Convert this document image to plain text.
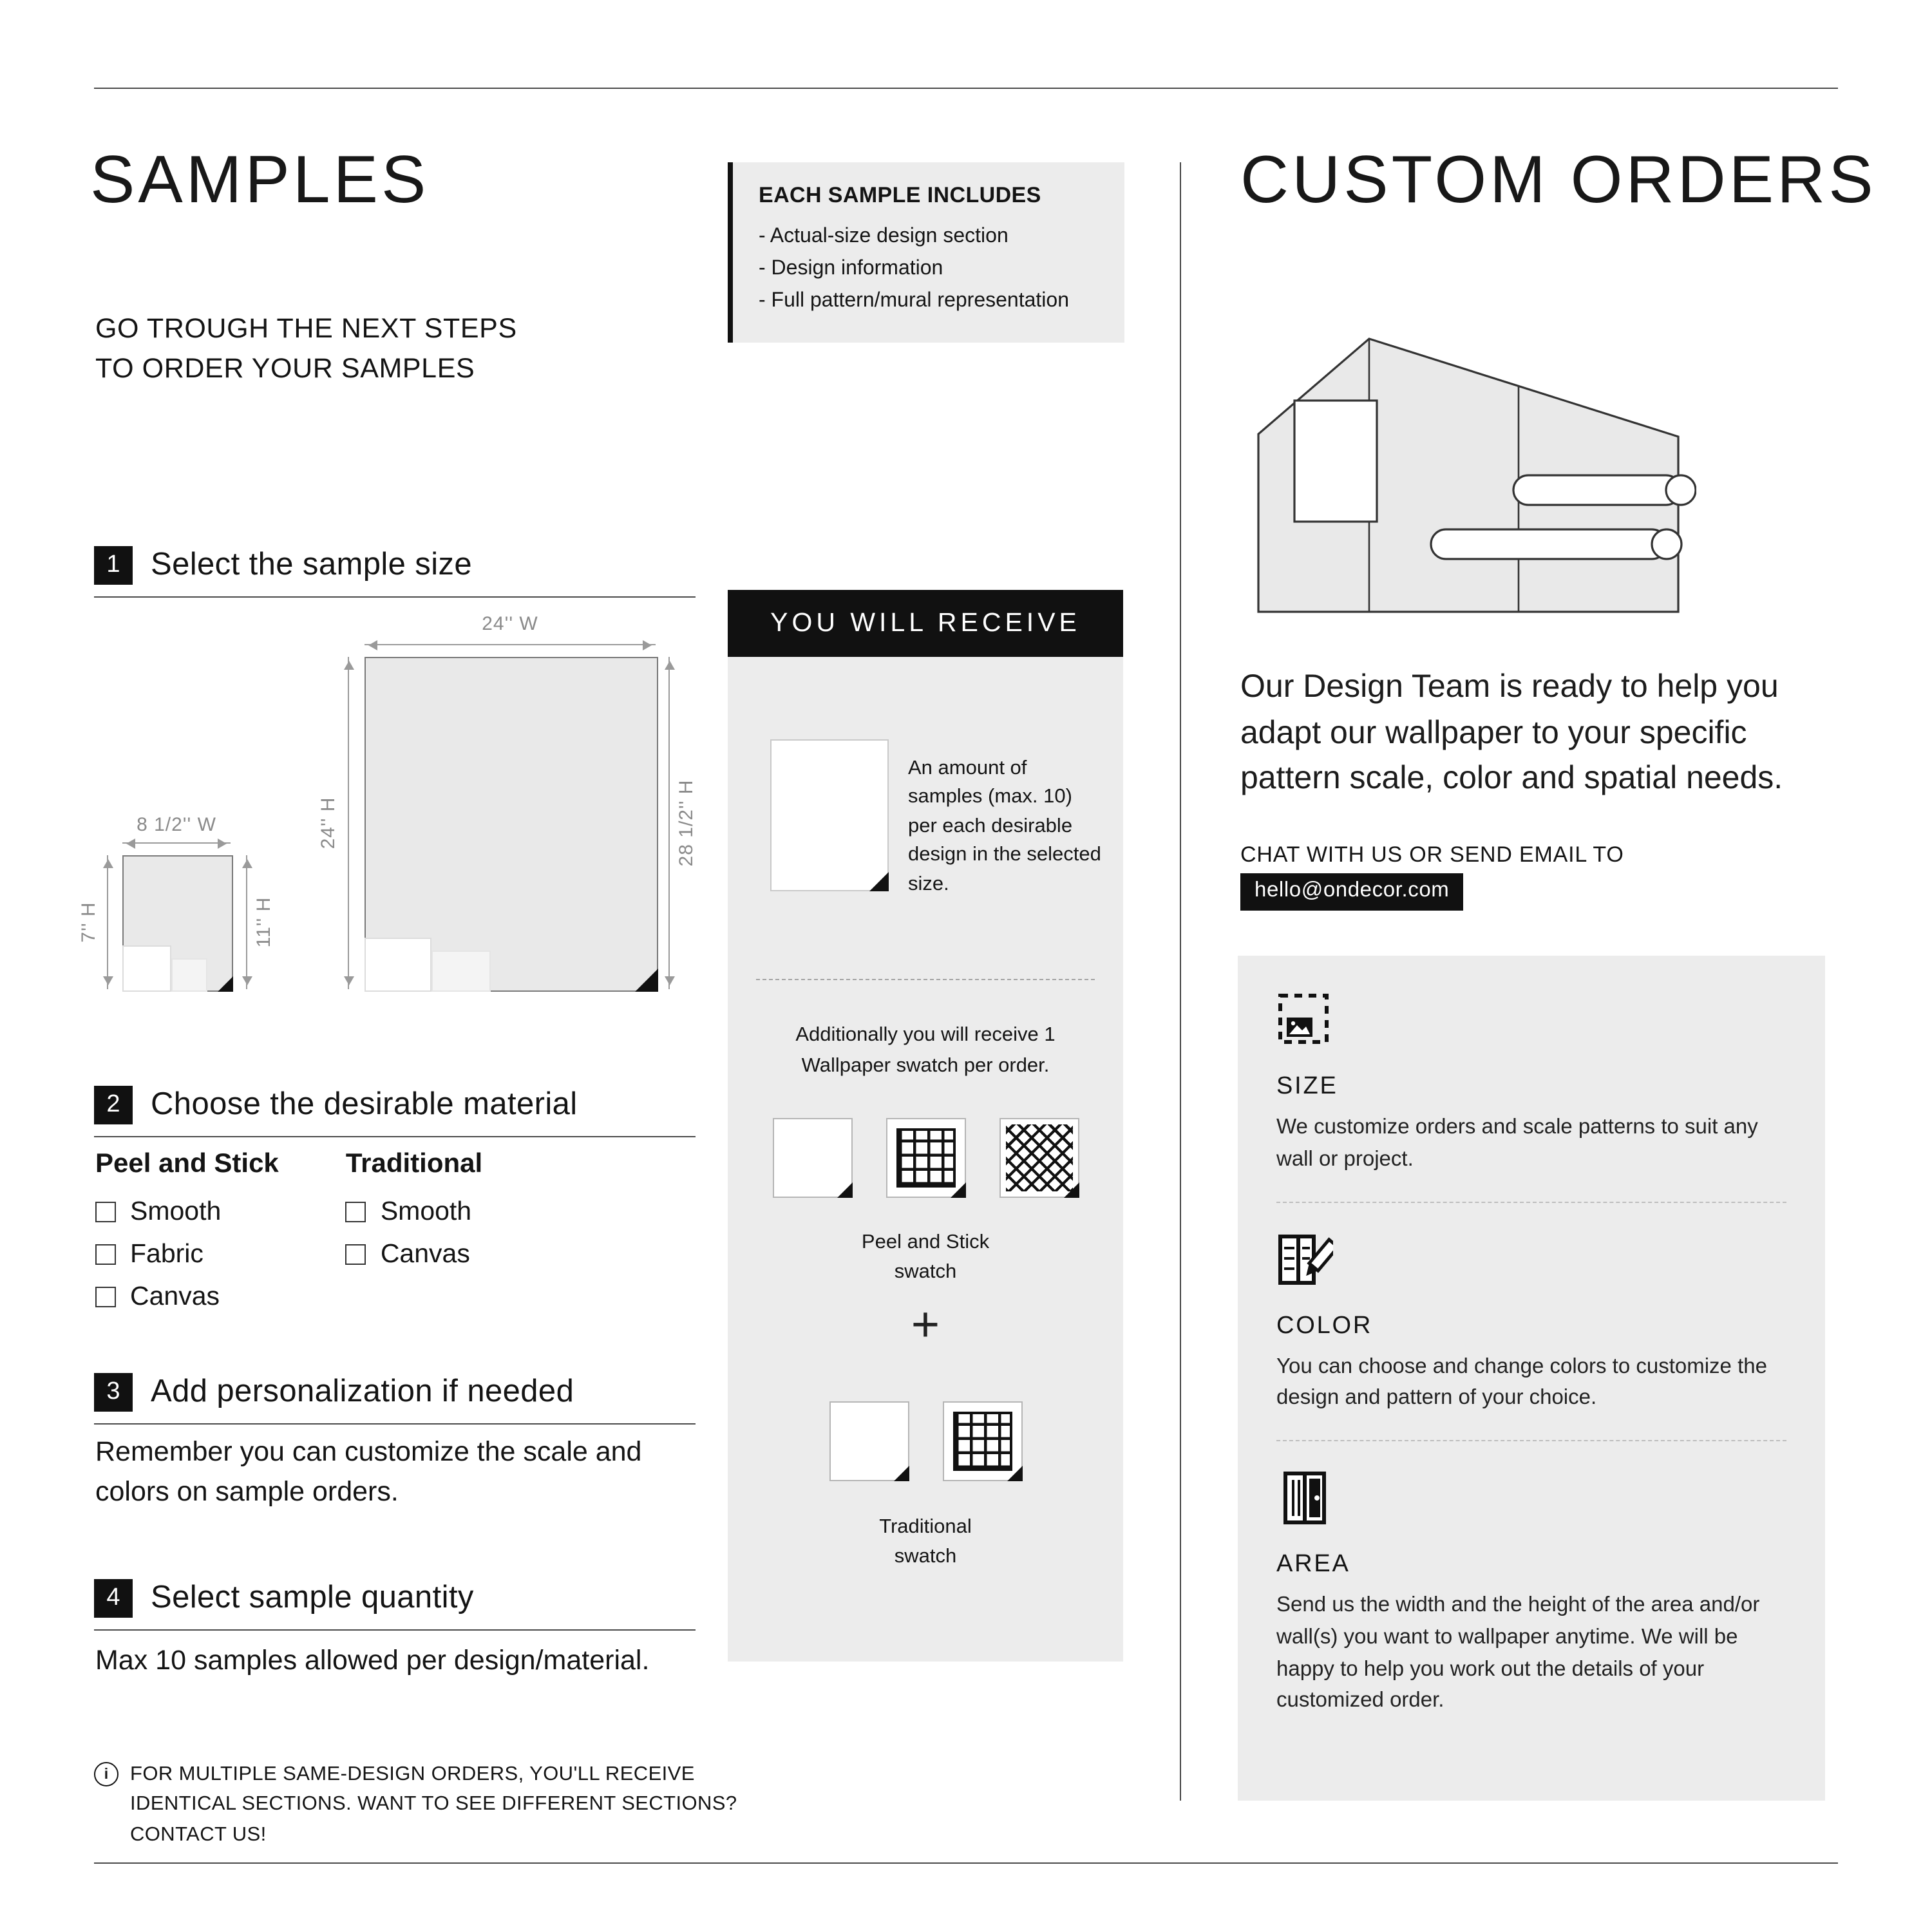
SAMPLES
GO TROUGH THE NEXT STEPS
TO ORDER YOUR SAMPLES
EACH SAMPLE INCLUDES
- Actual-size design section
- Design information
- Full pattern/mural representation
1	Select the sample size
24'' W
24'' H	28 1/2'' H
8 1/2'' W
7'' H	11'' H
2	Choose the desirable material
Peel and Stick
Smooth
Fabric
Canvas
Traditional
Smooth
Canvas
3	Add personalization if needed
Remember you can customize the scale and colors on sample orders.
4	Select sample quantity
Max 10 samples allowed per design/material.
YOU WILL RECEIVE
An amount of samples (max. 10) per each desirable design in the selected size.
Additionally you will receive 1 Wallpaper swatch per order.
Peel and Stick
swatch
+
Traditional
swatch
i	FOR MULTIPLE SAME-DESIGN ORDERS, YOU'LL RECEIVE IDENTICAL SECTIONS. WANT TO SEE DIFFERENT SECTIONS? CONTACT US!
CUSTOM ORDERS
Our Design Team is ready to help you adapt our wallpaper to your specific pattern scale, color and spatial needs.
CHAT WITH US OR SEND EMAIL TO
hello@ondecor.com
SIZE
We customize orders and scale patterns to suit any wall or project.
COLOR
You can choose and change colors to customize the design and pattern of your choice.
AREA
Send us the width and the height of the area and/or wall(s) you want to wallpaper anytime. We will be happy to help you work out the details of your customized order.
